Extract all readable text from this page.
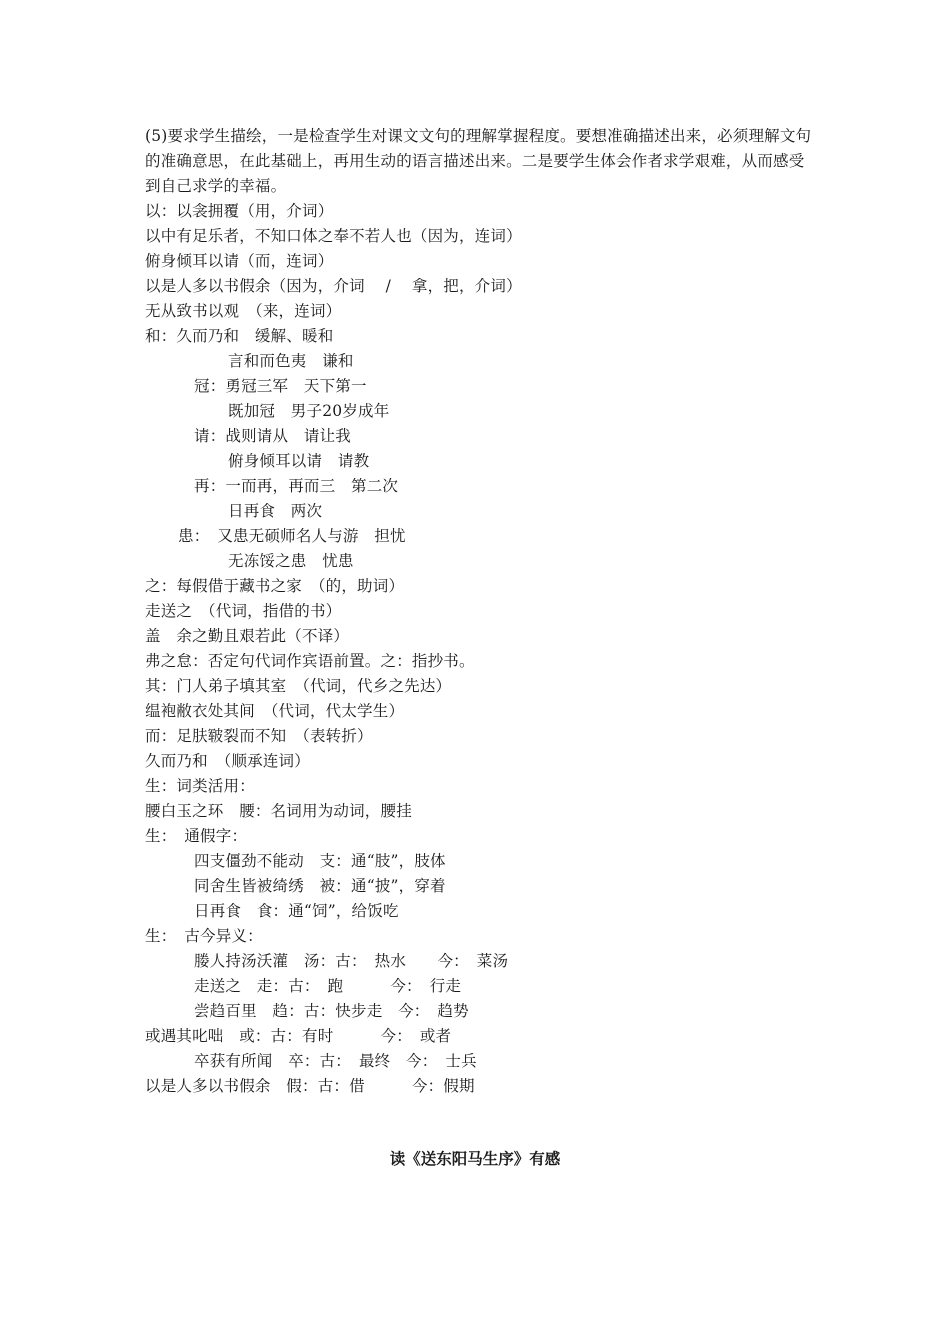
(5)要求学生描绘，一是检查学生对课文文句的理解掌握程度。要想准确描述出来，必须理解文句的准确意思，在此基础上，再用生动的语言描述出来。二是要学生体会作者求学艰难，从而感受到自己求学的幸福。
以：以衾拥覆（用，介词）
以中有足乐者，不知口体之奉不若人也（因为，连词）
俯身倾耳以请（而，连词）
以是人多以书假余（因为，介词　 /　 拿，把，介词）
无从致书以观　（来，连词）
和：久而乃和　缓解、暖和
言和而色夷　谦和
冠：勇冠三军　天下第一
既加冠　男子20岁成年
请：战则请从　请让我
俯身倾耳以请　请教
再：一而再，再而三　第二次
日再食　两次
患：　又患无硕师名人与游　担忧
无冻馁之患　忧患
之：每假借于藏书之家　（的，助词）
走送之　（代词，指借的书）
盖　余之勤且艰若此（不译）
弗之怠：否定句代词作宾语前置。之：指抄书。
其：门人弟子填其室　（代词，代乡之先达）
缊袍敝衣处其间　（代词，代太学生）
而：足肤皲裂而不知　（表转折）
久而乃和　（顺承连词）
生：词类活用：
腰白玉之环　腰：名词用为动词，腰挂
生：　通假字：
四支僵劲不能动　支：通“肢”，肢体
同舍生皆被绮绣　被：通“披”，穿着
日再食　食：通“饲”，给饭吃
生：　古今异义：
媵人持汤沃灌　汤：古：　热水　　今：　菜汤
走送之　走：古：　跑　　　今：　行走
尝趋百里　趋：古：快步走　今：　趋势
或遇其叱咄　或：古：有时　　　今：　或者
卒获有所闻　卒：古：　最终　今：　士兵
以是人多以书假余　假：古：借　　　今：假期
读《送东阳马生序》有感
